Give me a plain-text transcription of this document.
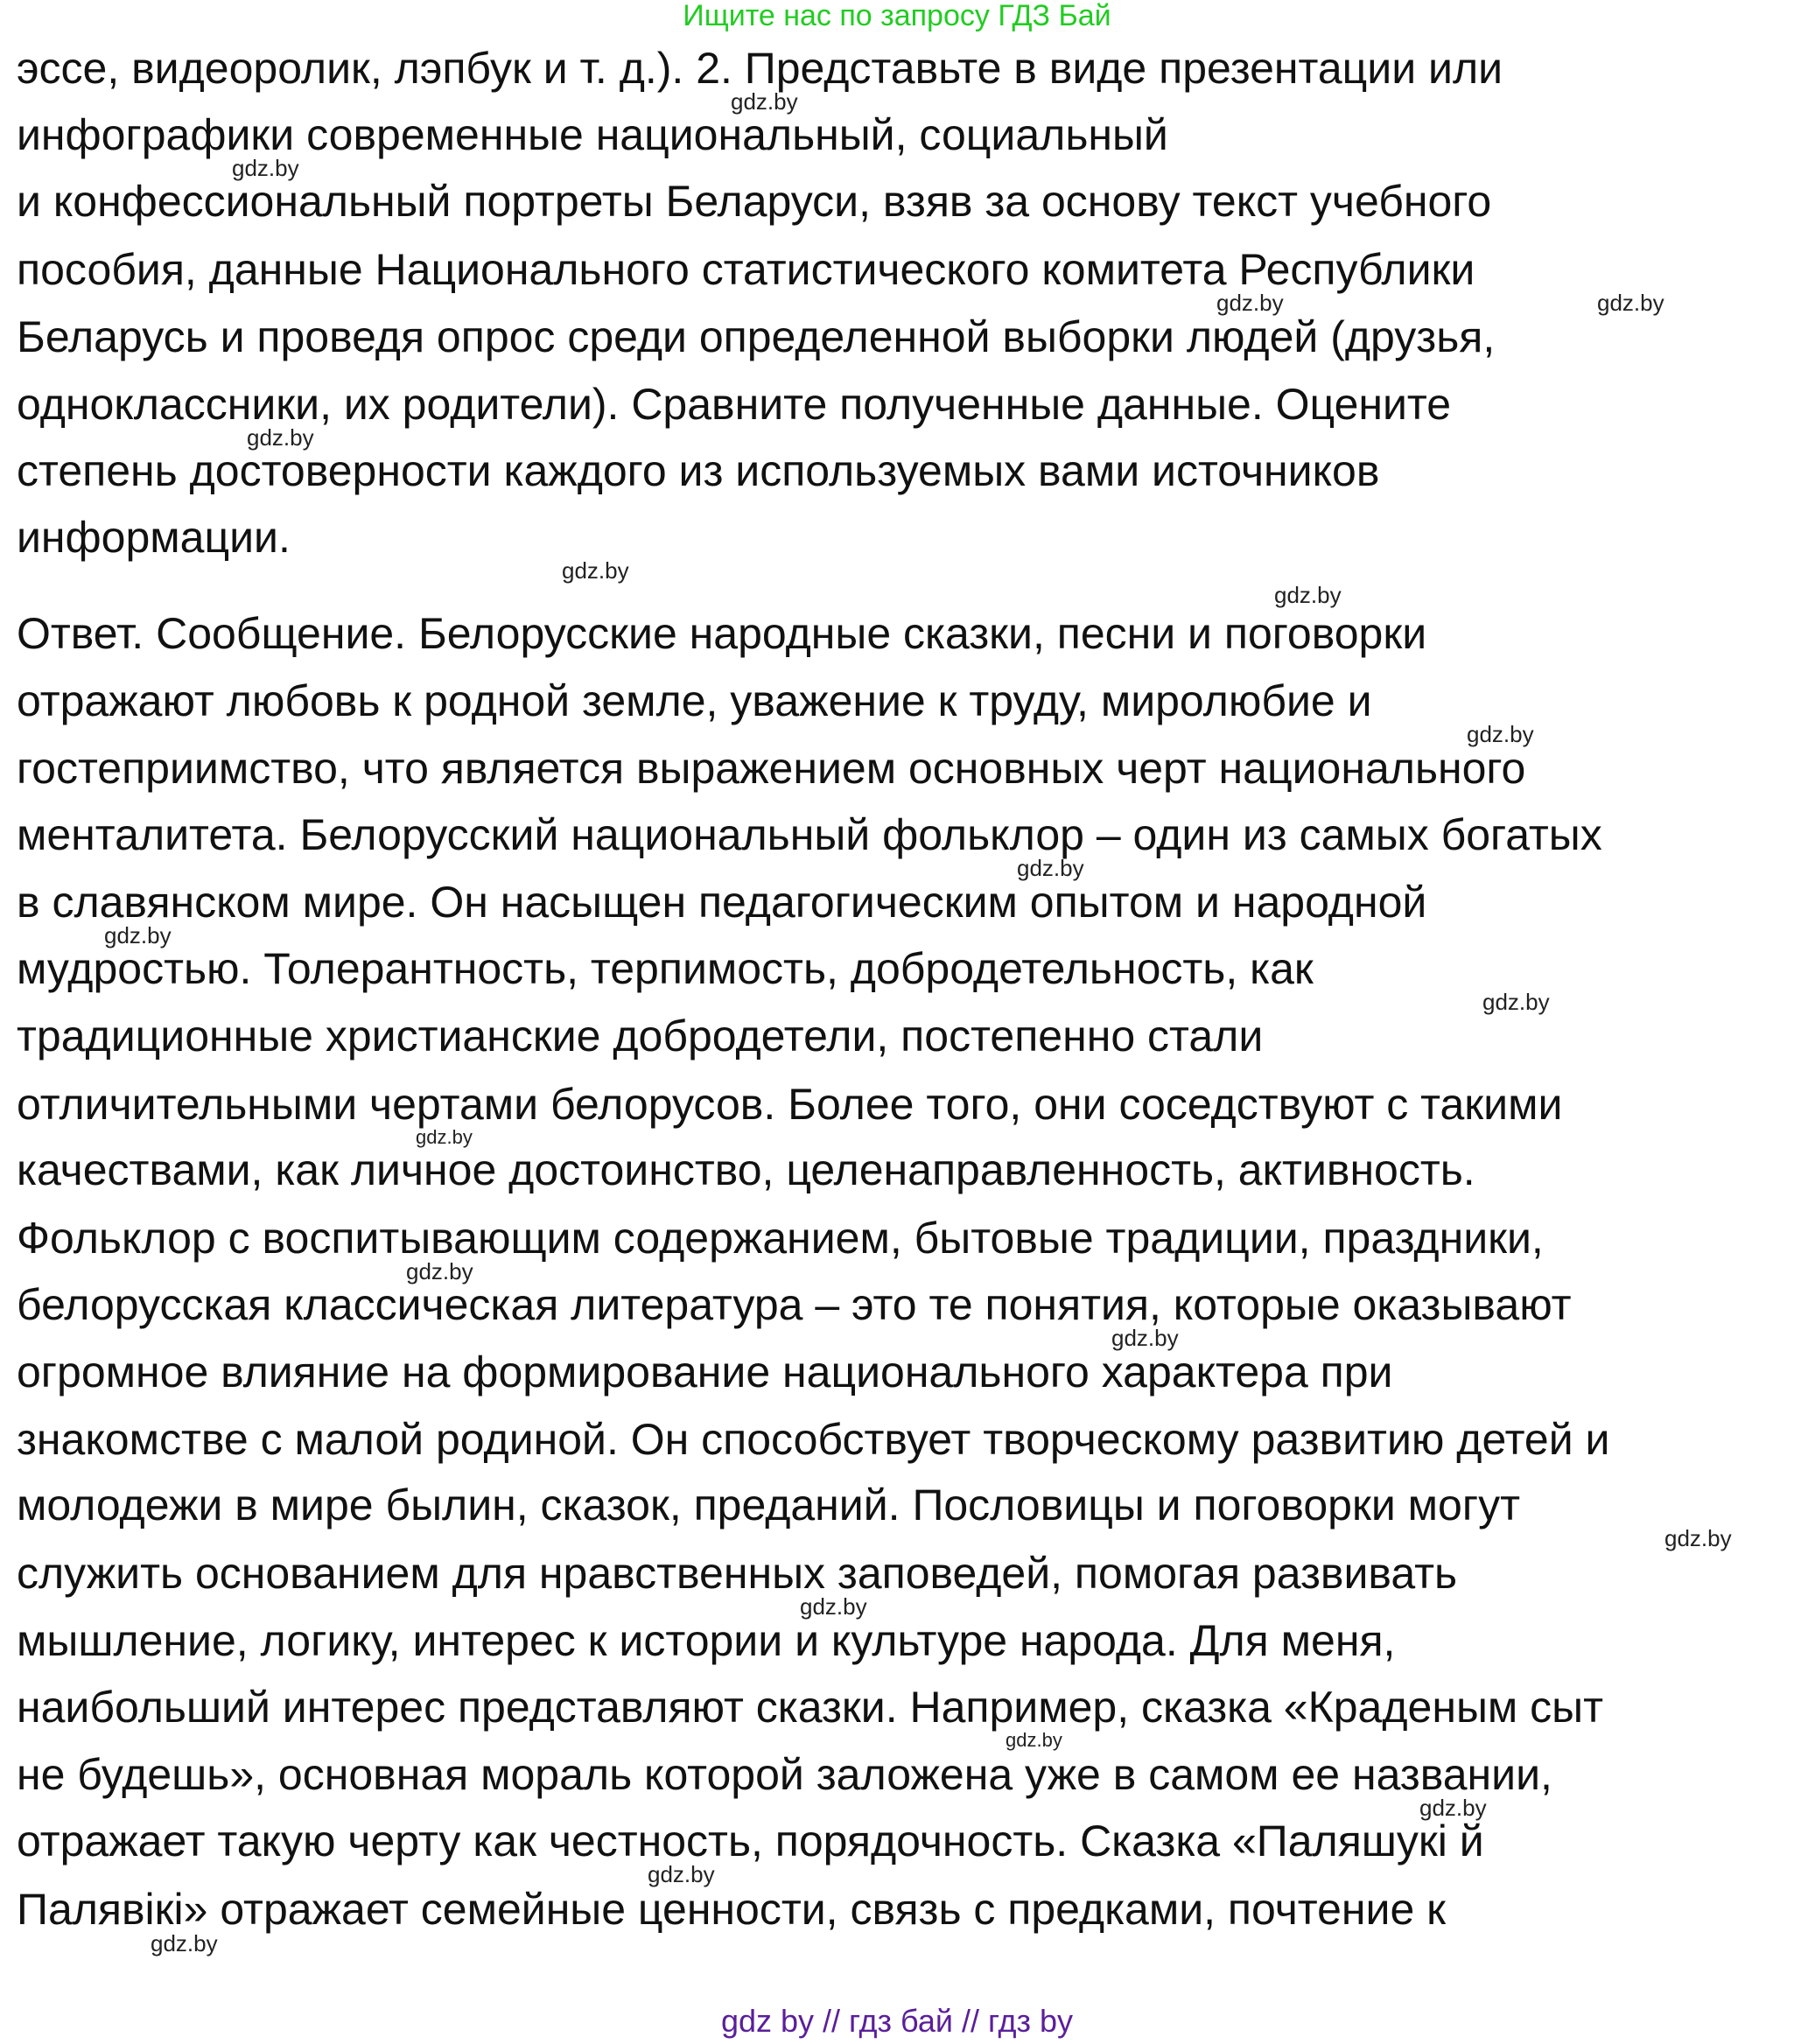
Ищите нас по запросу ГДЗ Бай
эссе, видеоролик, лэпбук и т. д.). 2. Представьте в виде презентации или
инфографики современные национальный, социальный
и конфессиональный портреты Беларуси, взяв за основу текст учебного
пособия, данные Национального статистического комитета Республики
Беларусь и проведя опрос среди определенной выборки людей (друзья,
одноклассники, их родители). Сравните полученные данные. Оцените
степень достоверности каждого из используемых вами источников
информации.
Ответ. Сообщение. Белорусские народные сказки, песни и поговорки
отражают любовь к родной земле, уважение к труду, миролюбие и
гостеприимство, что является выражением основных черт национального
менталитета. Белорусский национальный фольклор – один из самых богатых
в славянском мире. Он насыщен педагогическим опытом и народной
мудростью. Толерантность, терпимость, добродетельность, как
традиционные христианские добродетели, постепенно стали
отличительными чертами белорусов. Более того, они соседствуют с такими
качествами, как личное достоинство, целенаправленность, активность.
Фольклор с воспитывающим содержанием, бытовые традиции, праздники,
белорусская классическая литература – это те понятия, которые оказывают
огромное влияние на формирование национального характера при
знакомстве с малой родиной. Он способствует творческому развитию детей и
молодежи в мире былин, сказок, преданий. Пословицы и поговорки могут
служить основанием для нравственных заповедей, помогая развивать
мышление, логику, интерес к истории и культуре народа. Для меня,
наибольший интерес представляют сказки. Например, сказка «Краденым сыт
не будешь», основная мораль которой заложена уже в самом ее названии,
отражает такую черту как честность, порядочность. Сказка «Паляшукі й
Палявікі» отражает семейные ценности, связь с предками, почтение к
gdz.by
gdz.by
gdz.by
gdz.by
gdz.by
gdz.by
gdz.by
gdz.by
gdz.by
gdz.by
gdz.by
gdz.by
gdz.by
gdz.by
gdz.by
gdz.by
gdz.by
gdz.by
gdz.by
gdz.by
gdz by // гдз бай // гдз by
